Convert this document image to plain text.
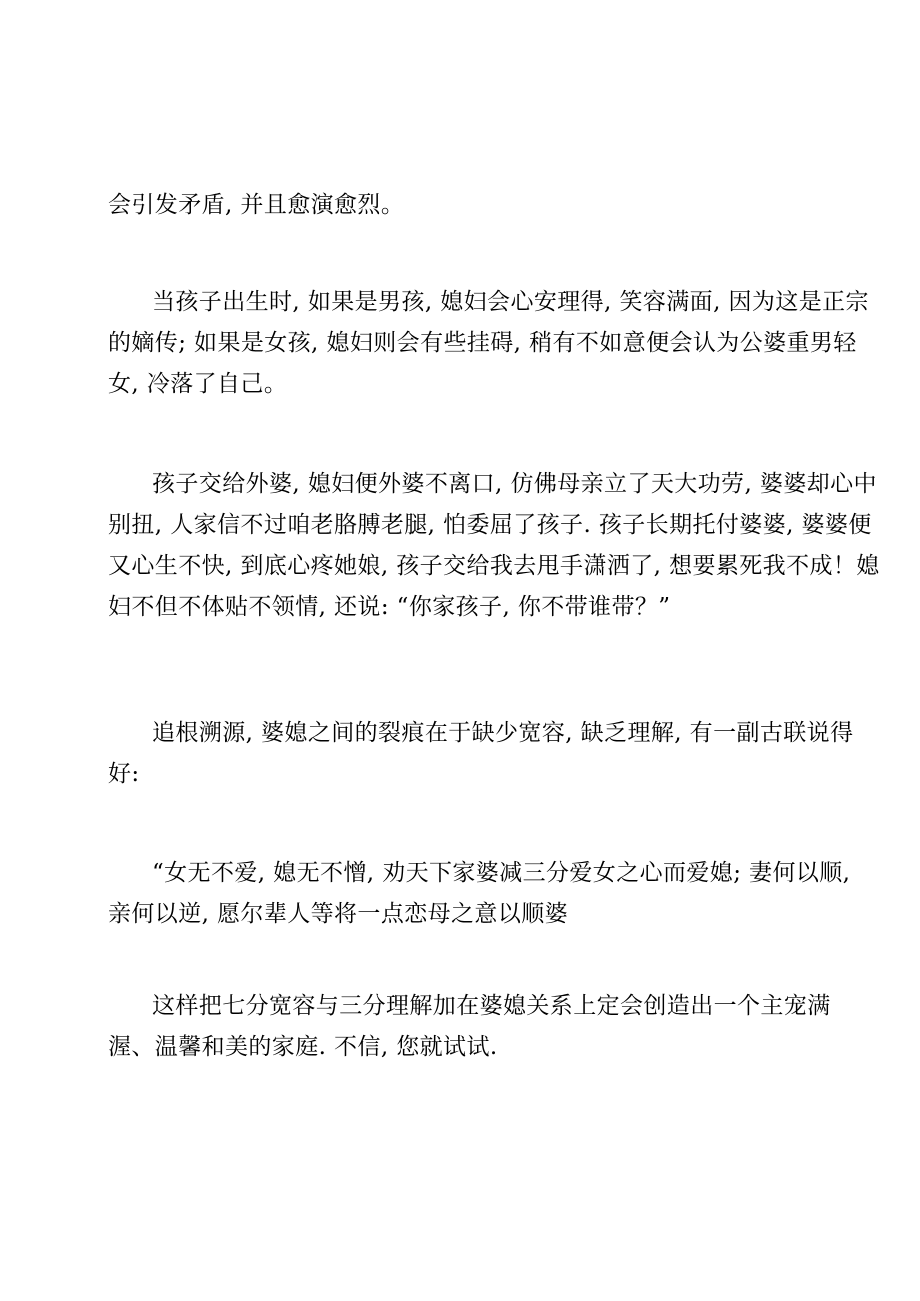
会引发矛盾, 并且愈演愈烈。

当孩子出生时, 如果是男孩, 媳妇会心安理得, 笑容满面, 因为这是正宗
的嫡传; 如果是女孩, 媳妇则会有些挂碍, 稍有不如意便会认为公婆重男轻
女, 冷落了自己。

孩子交给外婆, 媳妇便外婆不离口, 仿佛母亲立了天大功劳, 婆婆却心中
别扭, 人家信不过咱老胳膊老腿, 怕委屈了孩子. 孩子长期托付婆婆, 婆婆便
又心生不快, 到底心疼她娘, 孩子交给我去甩手潇洒了, 想要累死我不成！媳
妇不但不体贴不领情, 还说: “你家孩子, 你不带谁带？”

追根溯源, 婆媳之间的裂痕在于缺少宽容, 缺乏理解, 有一副古联说得
好:

“女无不爱, 媳无不憎, 劝天下家婆减三分爱女之心而爱媳; 妻何以顺,
亲何以逆, 愿尔辈人等将一点恋母之意以顺婆

这样把七分宽容与三分理解加在婆媳关系上定会创造出一个主宠满
渥、温馨和美的家庭. 不信, 您就试试.
